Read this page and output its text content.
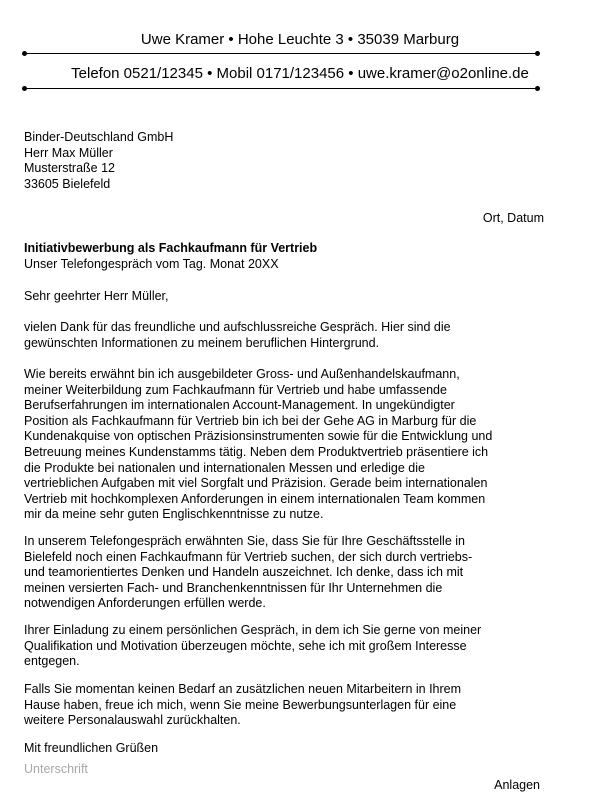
Uwe Kramer • Hohe Leuchte 3 • 35039 Marburg
Telefon 0521/12345 • Mobil 0171/123456 • uwe.kramer@o2online.de
Binder-Deutschland GmbH
Herr Max Müller
Musterstraße 12
33605 Bielefeld
Ort, Datum
Initiativbewerbung als Fachkaufmann für Vertrieb
Unser Telefongespräch vom Tag. Monat 20XX
Sehr geehrter Herr Müller,
vielen Dank für das freundliche und aufschlussreiche Gespräch. Hier sind die
gewünschten Informationen zu meinem beruflichen Hintergrund.
Wie bereits erwähnt bin ich ausgebildeter Gross- und Außenhandelskaufmann,
meiner Weiterbildung zum Fachkaufmann für Vertrieb und habe umfassende
Berufserfahrungen im internationalen Account-Management. In ungekündigter
Position als Fachkaufmann für Vertrieb bin ich bei der Gehe AG in Marburg für die
Kundenakquise von optischen Präzisionsinstrumenten sowie für die Entwicklung und
Betreuung meines Kundenstamms tätig. Neben dem Produktvertrieb präsentiere ich
die Produkte bei nationalen und internationalen Messen und erledige die
vertrieblichen Aufgaben mit viel Sorgfalt und Präzision. Gerade beim internationalen
Vertrieb mit hochkomplexen Anforderungen in einem internationalen Team kommen
mir da meine sehr guten Englischkenntnisse zu nutze.
In unserem Telefongespräch erwähnten Sie, dass Sie für Ihre Geschäftsstelle in
Bielefeld noch einen Fachkaufmann für Vertrieb suchen, der sich durch vertriebs-
und teamorientiertes Denken und Handeln auszeichnet. Ich denke, dass ich mit
meinen versierten Fach- und Branchenkenntnissen für Ihr Unternehmen die
notwendigen Anforderungen erfüllen werde.
Ihrer Einladung zu einem persönlichen Gespräch, in dem ich Sie gerne von meiner
Qualifikation und Motivation überzeugen möchte, sehe ich mit großem Interesse
entgegen.
Falls Sie momentan keinen Bedarf an zusätzlichen neuen Mitarbeitern in Ihrem
Hause haben, freue ich mich, wenn Sie meine Bewerbungsunterlagen für eine
weitere Personalauswahl zurückhalten.
Mit freundlichen Grüßen
Unterschrift
Anlagen
